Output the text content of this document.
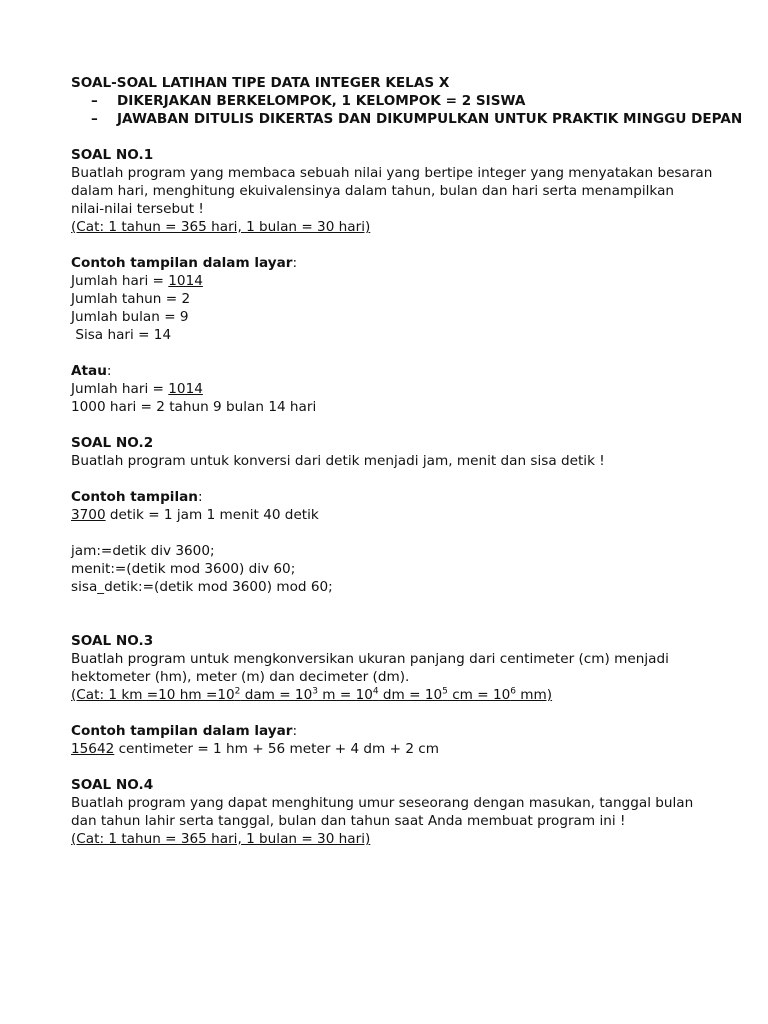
SOAL-SOAL LATIHAN TIPE DATA INTEGER KELAS X
–	DIKERJAKAN BERKELOMPOK, 1 KELOMPOK = 2 SISWA
–	JAWABAN DITULIS DIKERTAS DAN DIKUMPULKAN UNTUK PRAKTIK MINGGU DEPAN
SOAL NO.1
Buatlah program yang membaca sebuah nilai yang bertipe integer yang menyatakan besaran
dalam hari, menghitung ekuivalensinya dalam tahun, bulan dan hari serta menampilkan
nilai-nilai tersebut !
(Cat: 1 tahun = 365 hari, 1 bulan = 30 hari)
Contoh tampilan dalam layar:
Jumlah hari = 1014
Jumlah tahun = 2
Jumlah bulan = 9
Sisa hari = 14
Atau:
Jumlah hari = 1014
1000 hari = 2 tahun 9 bulan 14 hari
SOAL NO.2
Buatlah program untuk konversi dari detik menjadi jam, menit dan sisa detik !
Contoh tampilan:
3700 detik = 1 jam 1 menit 40 detik
jam:=detik div 3600;
menit:=(detik mod 3600) div 60;
sisa_detik:=(detik mod 3600) mod 60;
SOAL NO.3
Buatlah program untuk mengkonversikan ukuran panjang dari centimeter (cm) menjadi
hektometer (hm), meter (m) dan decimeter (dm).
(Cat: 1 km =10 hm $=10^2$ dam = $10^3$ $m = 10^4$ dm = $10^5$ cm = $10^6$ mm)
Contoh tampilan dalam layar:
15642 centimeter = 1 hm + 56 meter + 4 dm + 2 cm
SOAL NO.4
Buatlah program yang dapat menghitung umur seseorang dengan masukan, tanggal bulan
dan tahun lahir serta tanggal, bulan dan tahun saat Anda membuat program ini !
(Cat: 1 tahun = 365 hari, 1 bulan = 30 hari)
